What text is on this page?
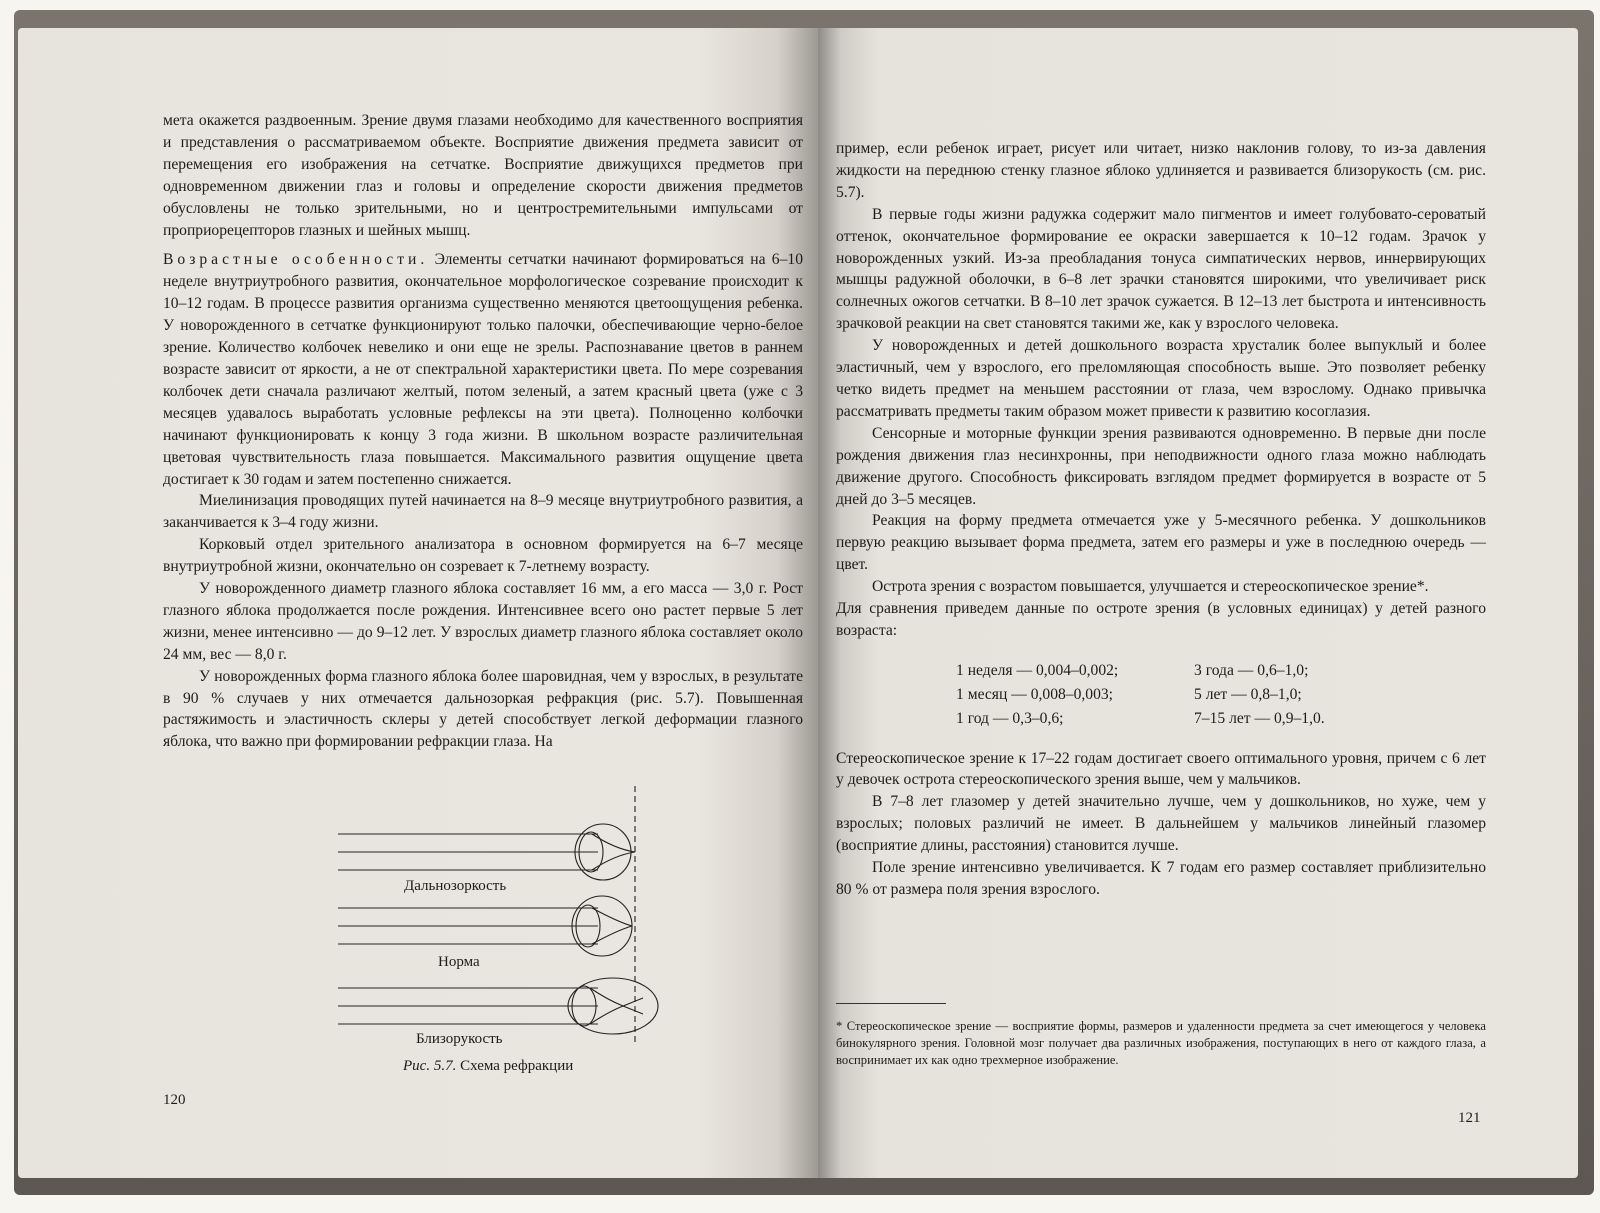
мета окажется раздвоенным. Зрение двумя глазами необходимо для качественного восприятия и представления о рассматриваемом объекте. Восприятие движения предмета зависит от перемещения его изображения на сетчатке. Восприятие движущихся предметов при одновременном движении глаз и головы и определение скорости движения предметов обусловлены не только зрительными, но и центростремительными импульсами от проприорецепторов глазных и шейных мышц.

Возрастные особенности. Элементы сетчатки начинают формироваться на 6–10 неделе внутриутробного развития, окончательное морфологическое созревание происходит к 10–12 годам. В процессе развития организма существенно меняются цветоощущения ребенка. У новорожденного в сетчатке функционируют только палочки, обеспечивающие черно-белое зрение. Количество колбочек невелико и они еще не зрелы. Распознавание цветов в раннем возрасте зависит от яркости, а не от спектральной характеристики цвета. По мере созревания колбочек дети сначала различают желтый, потом зеленый, а затем красный цвета (уже с 3 месяцев удавалось выработать условные рефлексы на эти цвета). Полноценно колбочки начинают функционировать к концу 3 года жизни. В школьном возрасте различительная цветовая чувствительность глаза повышается. Максимального развития ощущение цвета достигает к 30 годам и затем постепенно снижается.

Миелинизация проводящих путей начинается на 8–9 месяце внутриутробного развития, а заканчивается к 3–4 году жизни.

Корковый отдел зрительного анализатора в основном формируется на 6–7 месяце внутриутробной жизни, окончательно он созревает к 7-летнему возрасту.

У новорожденного диаметр глазного яблока составляет 16 мм, а его масса — 3,0 г. Рост глазного яблока продолжается после рождения. Интенсивнее всего оно растет первые 5 лет жизни, менее интенсивно — до 9–12 лет. У взрослых диаметр глазного яблока составляет около 24 мм, вес — 8,0 г.

У новорожденных форма глазного яблока более шаровидная, чем у взрослых, в результате в 90 % случаев у них отмечается дальнозоркая рефракция (рис. 5.7). Повышенная растяжимость и эластичность склеры у детей способствует легкой деформации глазного яблока, что важно при формировании рефракции глаза. На

Дальнозоркость
Норма
Близорукость
Рис. 5.7. Схема рефракции
120

пример, если ребенок играет, рисует или читает, низко наклонив голову, то из-за давления жидкости на переднюю стенку глазное яблоко удлиняется и развивается близорукость (см. рис. 5.7).

В первые годы жизни радужка содержит мало пигментов и имеет голубовато-сероватый оттенок, окончательное формирование ее окраски завершается к 10–12 годам. Зрачок у новорожденных узкий. Из-за преобладания тонуса симпатических нервов, иннервирующих мышцы радужной оболочки, в 6–8 лет зрачки становятся широкими, что увеличивает риск солнечных ожогов сетчатки. В 8–10 лет зрачок сужается. В 12–13 лет быстрота и интенсивность зрачковой реакции на свет становятся такими же, как у взрослого человека.

У новорожденных и детей дошкольного возраста хрусталик более выпуклый и более эластичный, чем у взрослого, его преломляющая способность выше. Это позволяет ребенку четко видеть предмет на меньшем расстоянии от глаза, чем взрослому. Однако привычка рассматривать предметы таким образом может привести к развитию косоглазия.

Сенсорные и моторные функции зрения развиваются одновременно. В первые дни после рождения движения глаз несинхронны, при неподвижности одного глаза можно наблюдать движение другого. Способность фиксировать взглядом предмет формируется в возрасте от 5 дней до 3–5 месяцев.

Реакция на форму предмета отмечается уже у 5-месячного ребенка. У дошкольников первую реакцию вызывает форма предмета, затем его размеры и уже в последнюю очередь — цвет.

Острота зрения с возрастом повышается, улучшается и стереоскопическое зрение*.

Для сравнения приведем данные по остроте зрения (в условных единицах) у детей разного возраста:

1 неделя — 0,004–0,002;	3 года — 0,6–1,0;
1 месяц — 0,008–0,003;	5 лет — 0,8–1,0;
1 год — 0,3–0,6;	7–15 лет — 0,9–1,0.

Стереоскопическое зрение к 17–22 годам достигает своего оптимального уровня, причем с 6 лет у девочек острота стереоскопического зрения выше, чем у мальчиков.

В 7–8 лет глазомер у детей значительно лучше, чем у дошкольников, но хуже, чем у взрослых; половых различий не имеет. В дальнейшем у мальчиков линейный глазомер (восприятие длины, расстояния) становится лучше.

Поле зрение интенсивно увеличивается. К 7 годам его размер составляет приблизительно 80 % от размера поля зрения взрослого.

* Стереоскопическое зрение — восприятие формы, размеров и удаленности предмета за счет имеющегося у человека бинокулярного зрения. Головной мозг получает два различных изображения, поступающих в него от каждого глаза, а воспринимает их как одно трехмерное изображение.

121
